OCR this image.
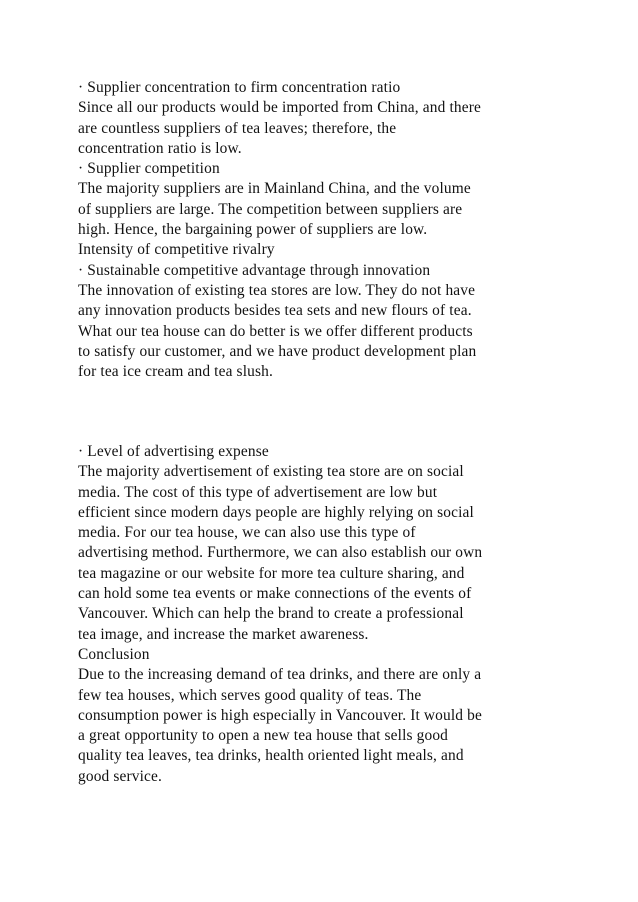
· Supplier concentration to firm concentration ratio
Since all our products would be imported from China, and there
are countless suppliers of tea leaves; therefore, the
concentration ratio is low.
· Supplier competition
The majority suppliers are in Mainland China, and the volume
of suppliers are large. The competition between suppliers are
high. Hence, the bargaining power of suppliers are low.
Intensity of competitive rivalry
· Sustainable competitive advantage through innovation
The innovation of existing tea stores are low. They do not have
any innovation products besides tea sets and new flours of tea.
What our tea house can do better is we offer different products
to satisfy our customer, and we have product development plan
for tea ice cream and tea slush.
· Level of advertising expense
The majority advertisement of existing tea store are on social
media. The cost of this type of advertisement are low but
efficient since modern days people are highly relying on social
media. For our tea house, we can also use this type of
advertising method. Furthermore, we can also establish our own
tea magazine or our website for more tea culture sharing, and
can hold some tea events or make connections of the events of
Vancouver. Which can help the brand to create a professional
tea image, and increase the market awareness.
Conclusion
Due to the increasing demand of tea drinks, and there are only a
few tea houses, which serves good quality of teas. The
consumption power is high especially in Vancouver. It would be
a great opportunity to open a new tea house that sells good
quality tea leaves, tea drinks, health oriented light meals, and
good service.
